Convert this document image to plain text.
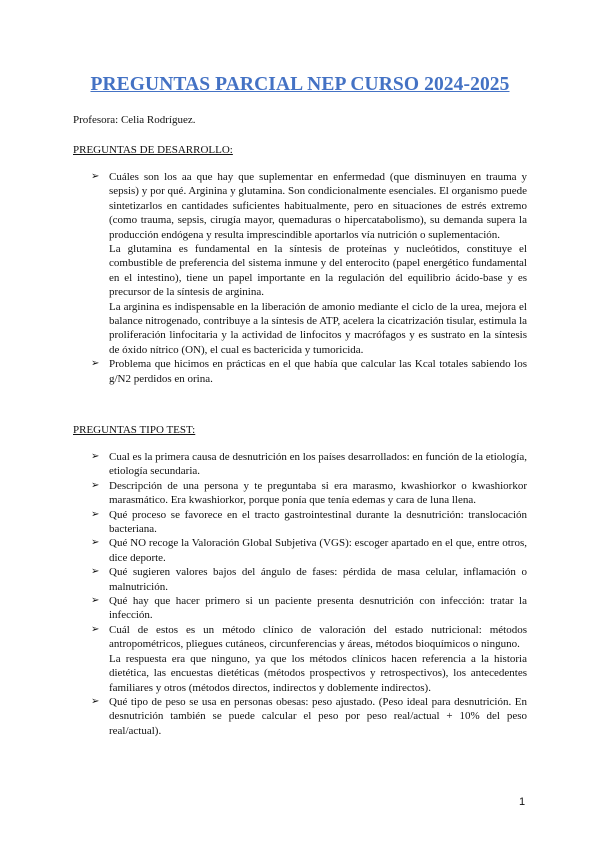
PREGUNTAS PARCIAL NEP CURSO 2024-2025

Profesora: Celia Rodríguez.

PREGUNTAS DE DESARROLLO:

➢ Cuáles son los aa que hay que suplementar en enfermedad (que disminuyen en trauma y sepsis) y por qué. Arginina y glutamina. Son condicionalmente esenciales. El organismo puede sintetizarlos en cantidades suficientes habitualmente, pero en situaciones de estrés extremo (como trauma, sepsis, cirugía mayor, quemaduras o hipercatabolismo), su demanda supera la producción endógena y resulta imprescindible aportarlos vía nutrición o suplementación.

La glutamina es fundamental en la síntesis de proteínas y nucleótidos, constituye el combustible de preferencia del sistema inmune y del enterocito (papel energético fundamental en el intestino), tiene un papel importante en la regulación del equilibrio ácido-base y es precursor de la síntesis de arginina.

La arginina es indispensable en la liberación de amonio mediante el ciclo de la urea, mejora el balance nitrogenado, contribuye a la síntesis de ATP, acelera la cicatrización tisular, estimula la proliferación linfocitaria y la actividad de linfocitos y macrófagos y es sustrato en la síntesis de óxido nítrico (ON), el cual es bactericida y tumoricida.

➢ Problema que hicimos en prácticas en el que había que calcular las Kcal totales sabiendo los g/N2 perdidos en orina.

PREGUNTAS TIPO TEST:

➢ Cual es la primera causa de desnutrición en los países desarrollados: en función de la etiología, etiología secundaria.

➢ Descripción de una persona y te preguntaba si era marasmo, kwashiorkor o kwashiorkor marasmático. Era kwashiorkor, porque ponía que tenía edemas y cara de luna llena.

➢ Qué proceso se favorece en el tracto gastrointestinal durante la desnutrición: translocación bacteriana.

➢ Qué NO recoge la Valoración Global Subjetiva (VGS): escoger apartado en el que, entre otros, dice deporte.

➢ Qué sugieren valores bajos del ángulo de fases: pérdida de masa celular, inflamación o malnutrición.

➢ Qué hay que hacer primero si un paciente presenta desnutrición con infección: tratar la infección.

➢ Cuál de estos es un método clínico de valoración del estado nutricional: métodos antropométricos, pliegues cutáneos, circunferencias y áreas, métodos bioquímicos o ninguno.

La respuesta era que ninguno, ya que los métodos clínicos hacen referencia a la historia dietética, las encuestas dietéticas (métodos prospectivos y retrospectivos), los antecedentes familiares y otros (métodos directos, indirectos y doblemente indirectos).

➢ Qué tipo de peso se usa en personas obesas: peso ajustado. (Peso ideal para desnutrición. En desnutrición también se puede calcular el peso por peso real/actual + 10% del peso real/actual).

1
